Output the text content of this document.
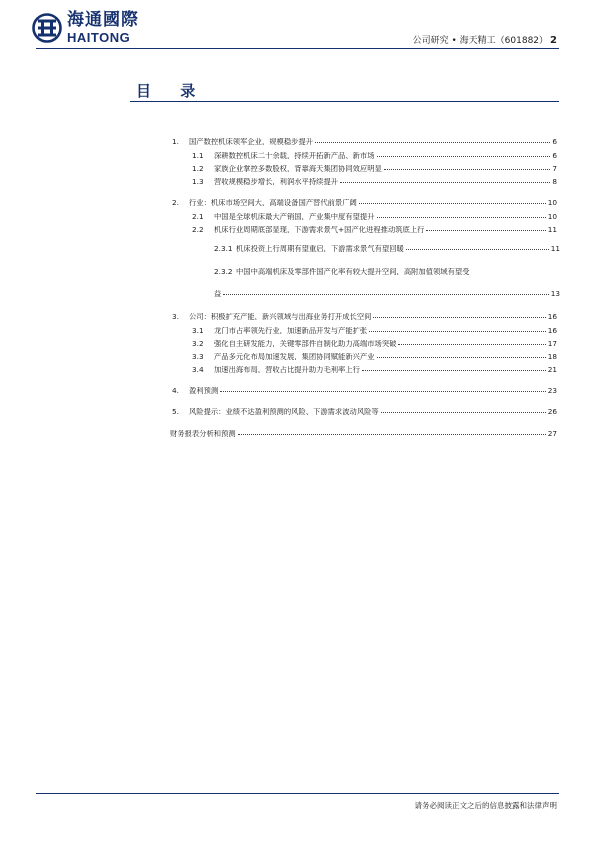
海通國際
HAITONG	公司研究 • 海天精工（601882） 2
目 录
1.	国产数控机床领军企业，规模稳步提升	6
1.1	深耕数控机床二十余载，持续开拓新产品、新市场	6
1.2	家族企业掌控多数股权，背靠海天集团协同效应明显	7
1.3	营收规模稳步增长，利润水平持续提升	8
2.	行业：机床市场空间大，高端设备国产替代前景广阔	10
2.1	中国是全球机床最大产销国，产业集中度有望提升	10
2.2	机床行业周期底部显现，下游需求景气+国产化进程推动筑底上行	11
2.3.1 机床投资上行周期有望重启，下游需求景气有望回暖	11
2.3.2 中国中高端机床及零部件国产化率有较大提升空间，高附加值领域有望受
益	13
3.	公司：积极扩充产能，新兴领域与出海业务打开成长空间	16
3.1	龙门市占率领先行业，加速新品开发与产能扩张	16
3.2	强化自主研发能力，关键零部件自制化助力高端市场突破	17
3.3	产品多元化布局加速发展，集团协同赋能新兴产业	18
3.4	加速出海布局，营收占比提升助力毛利率上行	21
4.	盈利预测	23
5.	风险提示：业绩不达盈利预测的风险、下游需求波动风险等	26
财务报表分析和预测	27
请务必阅读正文之后的信息披露和法律声明
